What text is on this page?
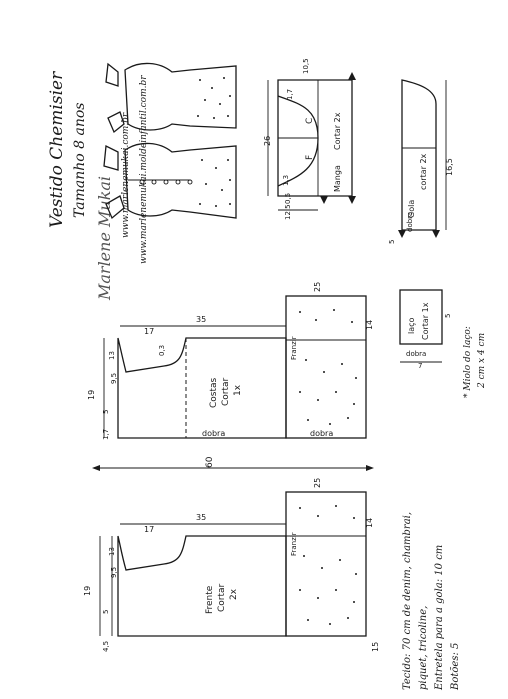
Vestido Chemisier Tamanho 8 anos	C
F
Cortar 2x
Manga
10,5
1,7
26
1,3
0,5
12,5	Gola
cortar 2x
dobra
16,5
5
www.marlenemukai.com.br www.marlenemukai.moldeinfantil.com.br
Marlene Mukai
Costas Cortar 1x
dobra
35
17
19
13	0,3
9,5
5
1,7
Franzir
dobra
25
14
60
laço Cortar 1x
dobra
5
7	* Miolo do laço: 2 cm x 4 cm
Frente Cortar 2x
35
17
19
13
9,5
5
4,5
Franzir
25
14
15 Tecido: 70 cm de denim, chambrai, piquet, tricoline, Entretela para a gola: 10 cm Botões: 5
